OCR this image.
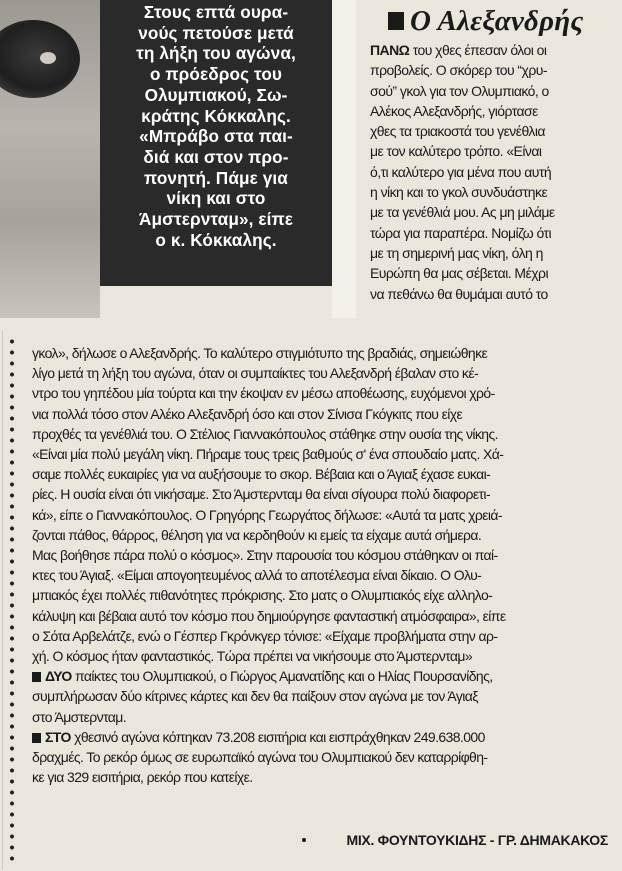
Στους επτά ουρα-
νούς πετούσε μετά
τη λήξη του αγώνα,
ο πρόεδρος του
Ολυμπιακού, Σω-
κράτης Κόκκαλης.
«Μπράβο στα παι-
διά και στον προ-
πονητή. Πάμε για
νίκη και στο
Άμστερνταμ», είπε
ο κ. Κόκκαλης.

Ο Αλεξανδρής

ΠΑΝΩ του χθες έπεσαν όλοι οι
προβολείς. Ο σκόρερ του “χρυ-
σού” γκολ για τον Ολυμπιακό, ο
Αλέκος Αλεξανδρής, γιόρτασε
χθες τα τριακοστά του γενέθλια
με τον καλύτερο τρόπο. «Είναι
ό,τι καλύτερο για μένα που αυτή
η νίκη και το γκολ συνδυάστηκε
με τα γενέθλιά μου. Ας μη μιλάμε
τώρα για παραπέρα. Νομίζω ότι
με τη σημερινή μας νίκη, όλη η
Ευρώπη θα μας σέβεται. Μέχρι
να πεθάνω θα θυμάμαι αυτό το

γκολ», δήλωσε ο Αλεξανδρής. Το καλύτερο στιγμιότυπο της βραδιάς, σημειώθηκε
λίγο μετά τη λήξη του αγώνα, όταν οι συμπαίκτες του Αλεξανδρή έβαλαν στο κέ-
ντρο του γηπέδου μία τούρτα και την έκοψαν εν μέσω αποθέωσης, ευχόμενοι χρό-
νια πολλά τόσο στον Αλέκο Αλεξανδρή όσο και στον Σίνισα Γκόγκιτς που είχε
προχθές τα γενέθλιά του. Ο Στέλιος Γιαννακόπουλος στάθηκε στην ουσία της νίκης.
«Είναι μία πολύ μεγάλη νίκη. Πήραμε τους τρεις βαθμούς σ' ένα σπουδαίο ματς. Χά-
σαμε πολλές ευκαιρίες για να αυξήσουμε το σκορ. Βέβαια και ο Άγιαξ έχασε ευκαι-
ρίες. Η ουσία είναι ότι νικήσαμε. Στο Άμστερνταμ θα είναι σίγουρα πολύ διαφορετι-
κά», είπε ο Γιαννακόπουλος. Ο Γρηγόρης Γεωργάτος δήλωσε: «Αυτά τα ματς χρειά-
ζονται πάθος, θάρρος, θέληση για να κερδηθούν κι εμείς τα είχαμε αυτά σήμερα.
Μας βοήθησε πάρα πολύ ο κόσμος». Στην παρουσία του κόσμου στάθηκαν οι παί-
κτες του Άγιαξ. «Είμαι απογοητευμένος αλλά το αποτέλεσμα είναι δίκαιο. Ο Ολυ-
μπιακός έχει πολλές πιθανότητες πρόκρισης. Στο ματς ο Ολυμπιακός είχε αλληλο-
κάλυψη και βέβαια αυτό τον κόσμο που δημιούργησε φανταστική ατμόσφαιρα», είπε
ο Σότα Αρβελάτζε, ενώ ο Γέσπερ Γκρόνκγερ τόνισε: «Είχαμε προβλήματα στην αρ-
χή. Ο κόσμος ήταν φανταστικός. Τώρα πρέπει να νικήσουμε στο Άμστερνταμ»
ΔΥΟ παίκτες του Ολυμπιακού, ο Γιώργος Αμανατίδης και ο Ηλίας Πουρσανίδης,
συμπλήρωσαν δύο κίτρινες κάρτες και δεν θα παίξουν στον αγώνα με τον Άγιαξ
στο Άμστερνταμ.
ΣΤΟ χθεσινό αγώνα κόπηκαν 73.208 εισιτήρια και εισπράχθηκαν 249.638.000
δραχμές. Το ρεκόρ όμως σε ευρωπαϊκό αγώνα του Ολυμπιακού δεν καταρρίφθη-
κε για 329 εισιτήρια, ρεκόρ που κατείχε.

ΜΙΧ. ΦΟΥΝΤΟΥΚΙΔΗΣ - ΓΡ. ΔΗΜΑΚΑΚΟΣ
